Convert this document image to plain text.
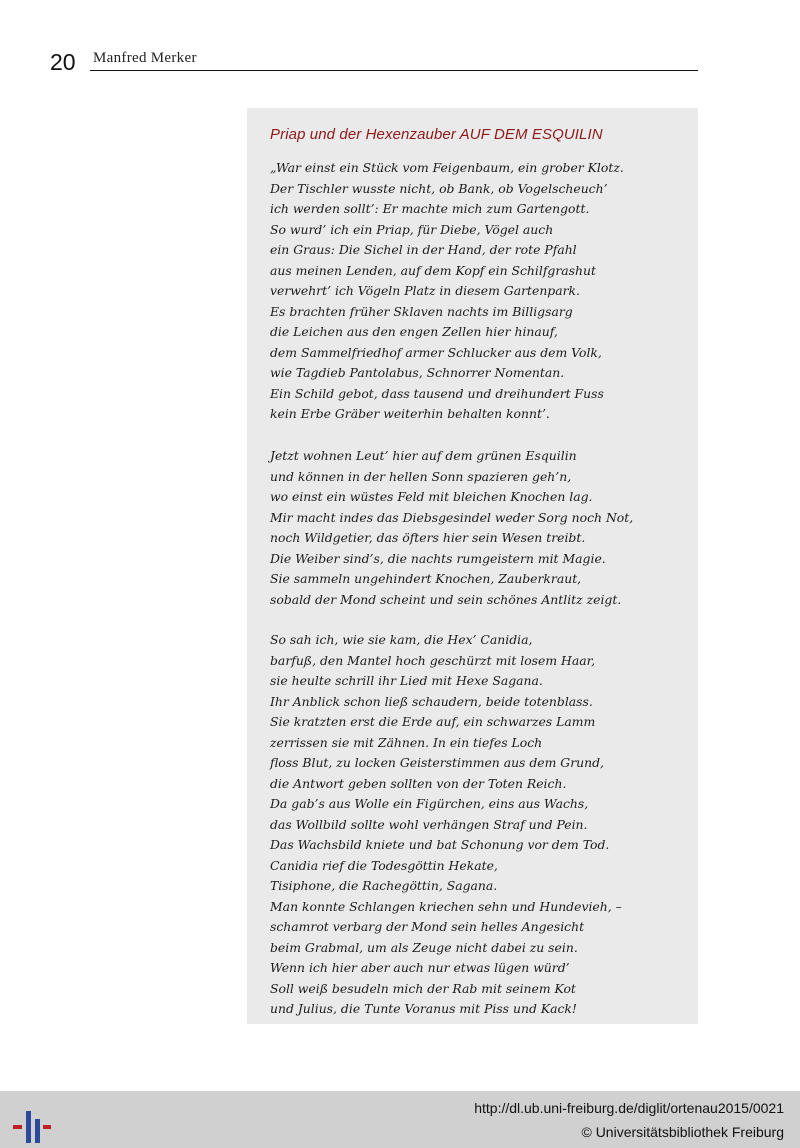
20 Manfred Merker
Priap und der Hexenzauber AUF DEM ESQUILIN
„War einst ein Stück vom Feigenbaum, ein grober Klotz.
Der Tischler wusste nicht, ob Bank, ob Vogelscheuch’
ich werden sollt’: Er machte mich zum Gartengott.
So wurd’ ich ein Priap, für Diebe, Vögel auch
ein Graus: Die Sichel in der Hand, der rote Pfahl
aus meinen Lenden, auf dem Kopf ein Schilfgrashut
verwehrt’ ich Vögeln Platz in diesem Gartenpark.
Es brachten früher Sklaven nachts im Billigsarg
die Leichen aus den engen Zellen hier hinauf,
dem Sammelfriedhof armer Schlucker aus dem Volk,
wie Tagdieb Pantolabus, Schnorrer Nomentan.
Ein Schild gebot, dass tausend und dreihundert Fuss
kein Erbe Gräber weiterhin behalten konnt’.
Jetzt wohnen Leut’ hier auf dem grünen Esquilin
und können in der hellen Sonn spazieren geh’n,
wo einst ein wüstes Feld mit bleichen Knochen lag.
Mir macht indes das Diebsgesindel weder Sorg noch Not,
noch Wildgetier, das öfters hier sein Wesen treibt.
Die Weiber sind’s, die nachts rumgeistern mit Magie.
Sie sammeln ungehindert Knochen, Zauberkraut,
sobald der Mond scheint und sein schönes Antlitz zeigt.
So sah ich, wie sie kam, die Hex’ Canidia,
barfuß, den Mantel hoch geschürzt mit losem Haar,
sie heulte schrill ihr Lied mit Hexe Sagana.
Ihr Anblick schon ließ schaudern, beide totenblass.
Sie kratzten erst die Erde auf, ein schwarzes Lamm
zerrissen sie mit Zähnen. In ein tiefes Loch
floss Blut, zu locken Geisterstimmen aus dem Grund,
die Antwort geben sollten von der Toten Reich.
Da gab’s aus Wolle ein Figürchen, eins aus Wachs,
das Wollbild sollte wohl verhängen Straf und Pein.
Das Wachsbild kniete und bat Schonung vor dem Tod.
Canidia rief die Todesgöttin Hekate,
Tisiphone, die Rachegöttin, Sagana.
Man konnte Schlangen kriechen sehn und Hundevieh, –
schamrot verbarg der Mond sein helles Angesicht
beim Grabmal, um als Zeuge nicht dabei zu sein.
Wenn ich hier aber auch nur etwas lügen würd’
Soll weiß besudeln mich der Rab mit seinem Kot
und Julius, die Tunte Voranus mit Piss und Kack!
http://dl.ub.uni-freiburg.de/diglit/ortenau2015/0021
© Universitätsbibliothek Freiburg
